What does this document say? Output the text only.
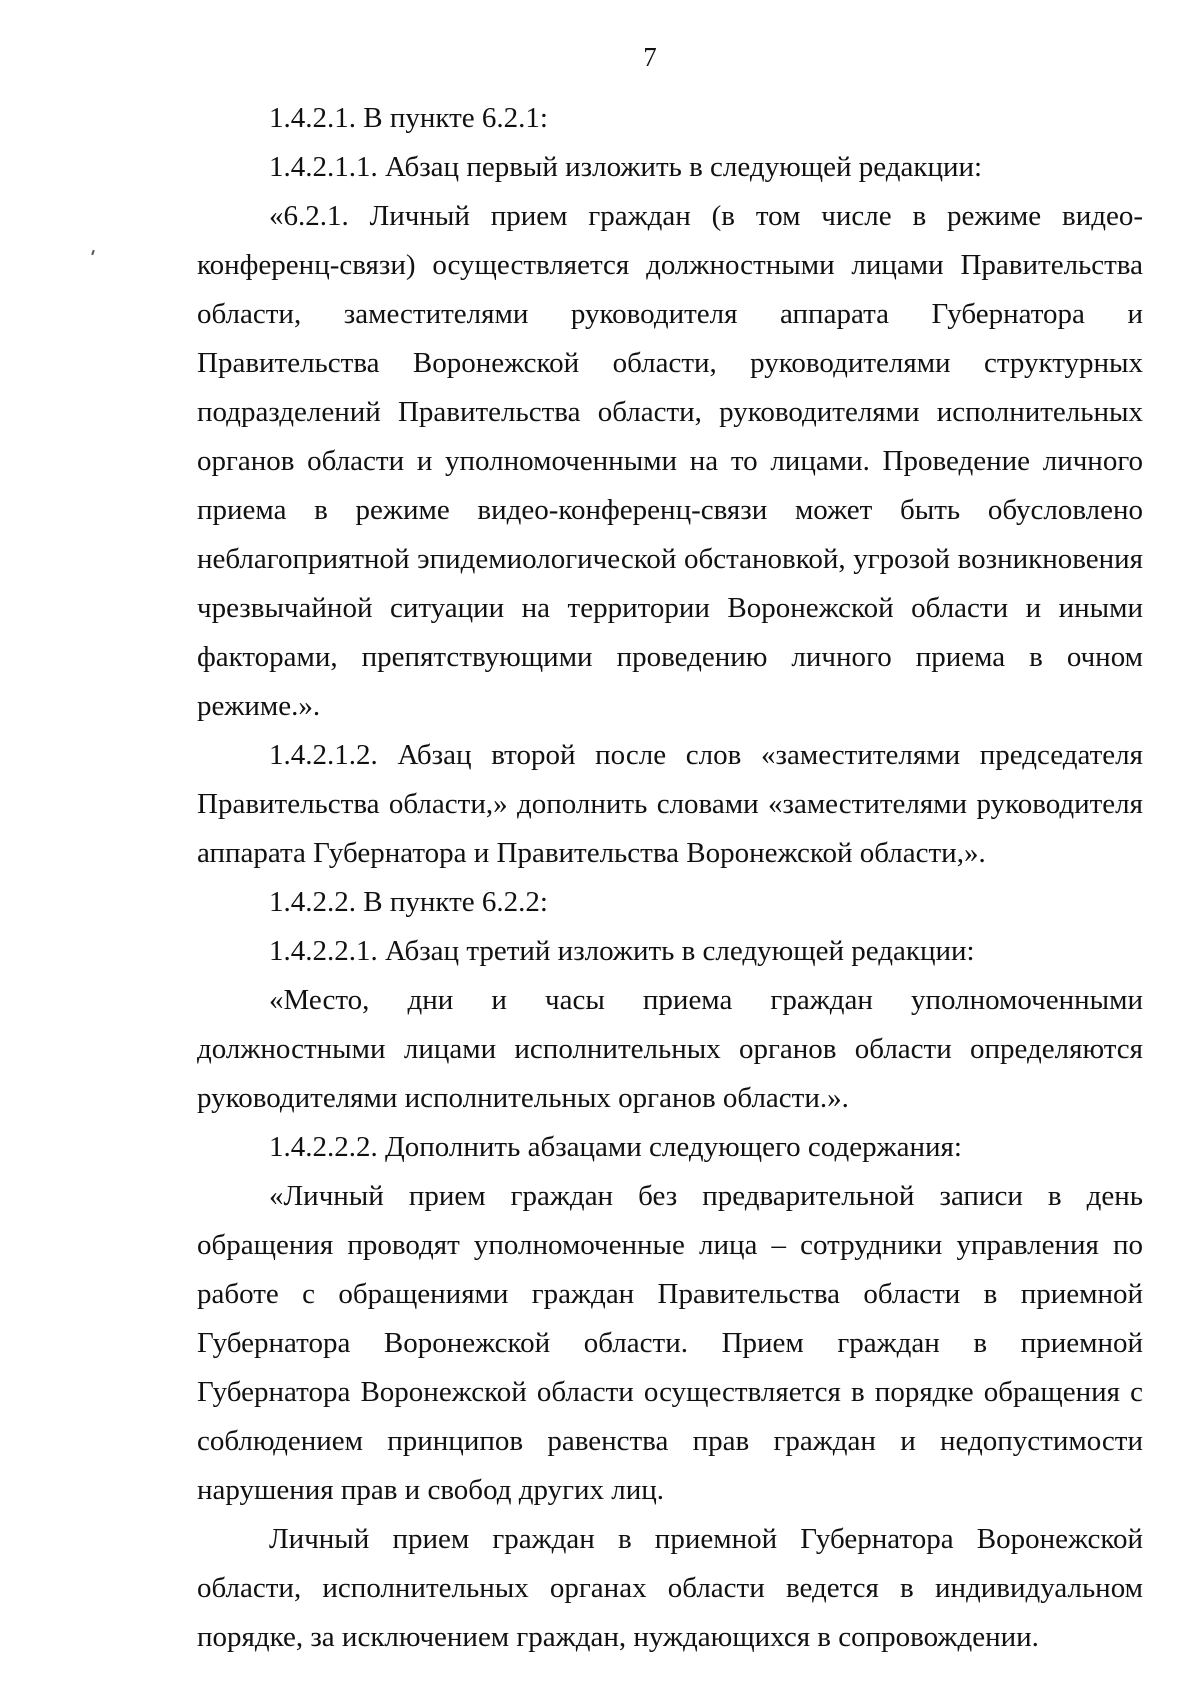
7

1.4.2.1. В пункте 6.2.1:

1.4.2.1.1. Абзац первый изложить в следующей редакции:

«6.2.1. Личный прием граждан (в том числе в режиме видео-конференц-связи) осуществляется должностными лицами Правительства области, заместителями руководителя аппарата Губернатора и Правительства Воронежской области, руководителями структурных подразделений Правительства области, руководителями исполнительных органов области и уполномоченными на то лицами. Проведение личного приема в режиме видео-конференц-связи может быть обусловлено неблагоприятной эпидемиологической обстановкой, угрозой возникновения чрезвычайной ситуации на территории Воронежской области и иными факторами, препятствующими проведению личного приема в очном режиме.».

1.4.2.1.2. Абзац второй после слов «заместителями председателя Правительства области,» дополнить словами «заместителями руководителя аппарата Губернатора и Правительства Воронежской области,».

1.4.2.2. В пункте 6.2.2:

1.4.2.2.1. Абзац третий изложить в следующей редакции:

«Место, дни и часы приема граждан уполномоченными должностными лицами исполнительных органов области определяются руководителями исполнительных органов области.».

1.4.2.2.2. Дополнить абзацами следующего содержания:

«Личный прием граждан без предварительной записи в день обращения проводят уполномоченные лица – сотрудники управления по работе с обращениями граждан Правительства области в приемной Губернатора Воронежской области. Прием граждан в приемной Губернатора Воронежской области осуществляется в порядке обращения с соблюдением принципов равенства прав граждан и недопустимости нарушения прав и свобод других лиц.

Личный прием граждан в приемной Губернатора Воронежской области, исполнительных органах области ведется в индивидуальном порядке, за исключением граждан, нуждающихся в сопровождении.
